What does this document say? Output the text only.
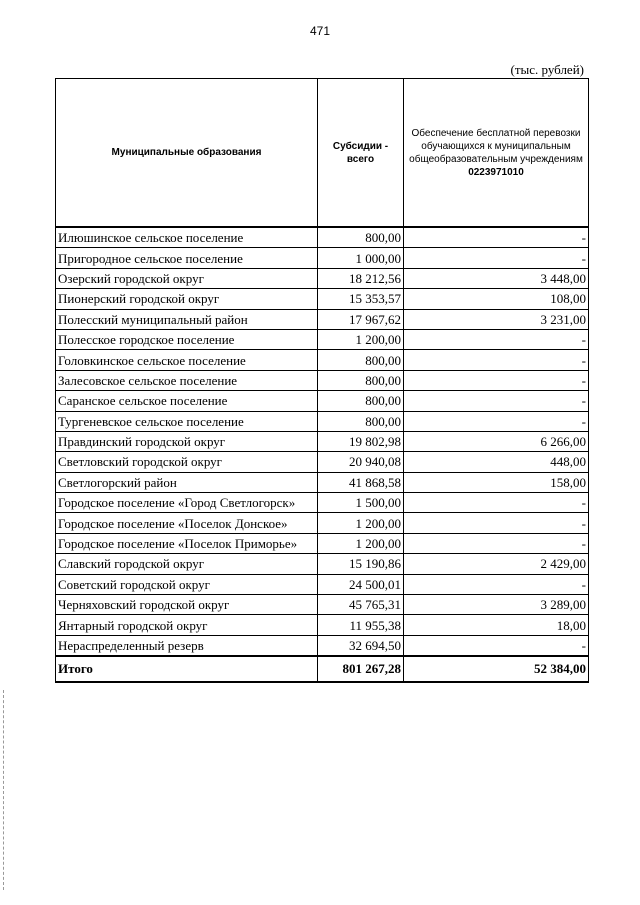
471
(тыс. рублей)
Муниципальные образования	Субсидии - всего	Обеспечение бесплатной перевозки обучающихся к муниципальным общеобразовательным учреждениям
0223971010
Илюшинское сельское поселение	800,00	-
Пригородное сельское поселение	1 000,00	-
Озерский городской округ	18 212,56	3 448,00
Пионерский городской округ	15 353,57	108,00
Полесский муниципальный район	17 967,62	3 231,00
Полесское городское поселение	1 200,00	-
Головкинское сельское поселение	800,00	-
Залесовское сельское поселение	800,00	-
Саранское сельское поселение	800,00	-
Тургеневское сельское поселение	800,00	-
Правдинский городской округ	19 802,98	6 266,00
Светловский городской округ	20 940,08	448,00
Светлогорский район	41 868,58	158,00
Городское поселение «Город Светлогорск»	1 500,00	-
Городское поселение «Поселок Донское»	1 200,00	-
Городское поселение «Поселок Приморье»	1 200,00	-
Славский городской округ	15 190,86	2 429,00
Советский городской округ	24 500,01	-
Черняховский городской округ	45 765,31	3 289,00
Янтарный городской округ	11 955,38	18,00
Нераспределенный резерв	32 694,50	-
Итого	801 267,28	52 384,00
